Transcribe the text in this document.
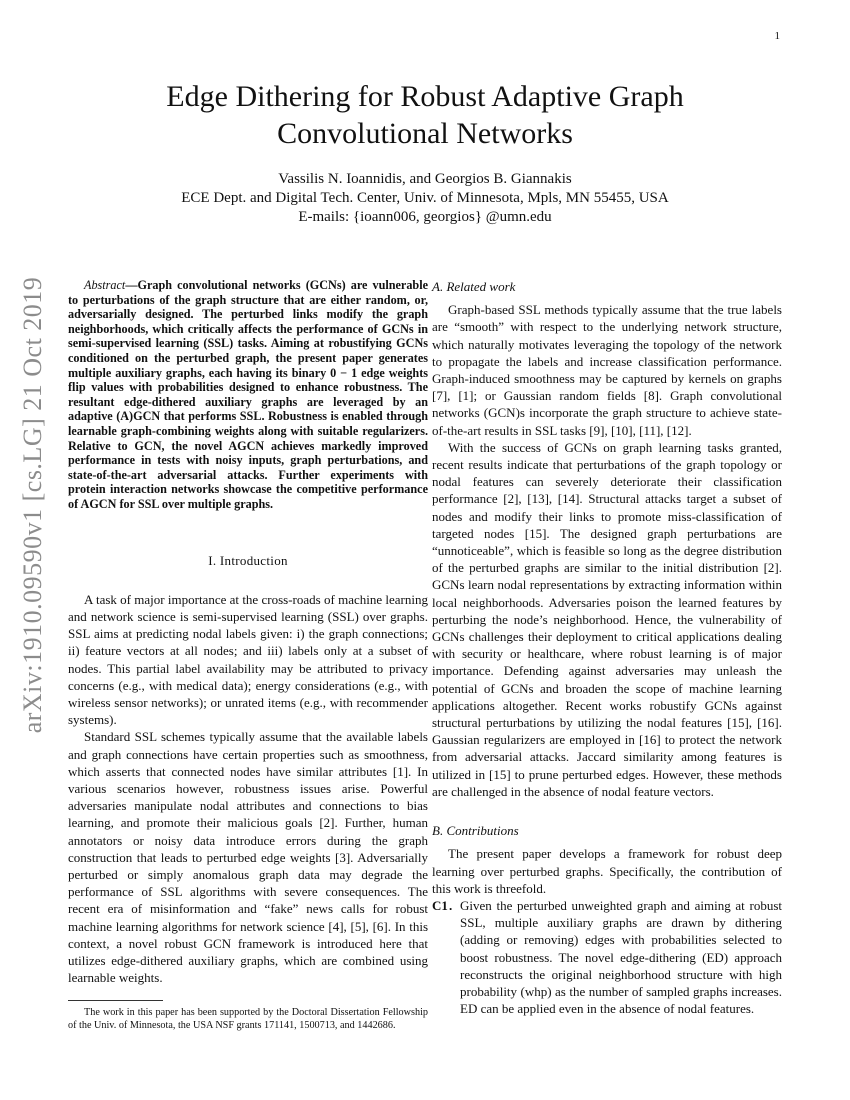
1
arXiv:1910.09590v1 [cs.LG] 21 Oct 2019
Edge Dithering for Robust Adaptive Graph
Convolutional Networks
Vassilis N. Ioannidis, and Georgios B. Giannakis
ECE Dept. and Digital Tech. Center, Univ. of Minnesota, Mpls, MN 55455, USA
E-mails: {ioann006, georgios} @umn.edu

Abstract—Graph convolutional networks (GCNs) are vulnerable to perturbations of the graph structure that are either random, or, adversarially designed. The perturbed links modify the graph neighborhoods, which critically affects the performance of GCNs in semi-supervised learning (SSL) tasks. Aiming at robustifying GCNs conditioned on the perturbed graph, the present paper generates multiple auxiliary graphs, each having its binary 0 − 1 edge weights flip values with probabilities designed to enhance robustness. The resultant edge-dithered auxiliary graphs are leveraged by an adaptive (A)GCN that performs SSL. Robustness is enabled through learnable graph-combining weights along with suitable regularizers. Relative to GCN, the novel AGCN achieves markedly improved performance in tests with noisy inputs, graph perturbations, and state-of-the-art adversarial attacks. Further experiments with protein interaction networks showcase the competitive performance of AGCN for SSL over multiple graphs.

I. Introduction

A task of major importance at the cross-roads of machine learning and network science is semi-supervised learning (SSL) over graphs. SSL aims at predicting nodal labels given: i) the graph connections; ii) feature vectors at all nodes; and iii) labels only at a subset of nodes. This partial label availability may be attributed to privacy concerns (e.g., with medical data); energy considerations (e.g., with wireless sensor networks); or unrated items (e.g., with recommender systems).

Standard SSL schemes typically assume that the available labels and graph connections have certain properties such as smoothness, which asserts that connected nodes have similar attributes [1]. In various scenarios however, robustness issues arise. Powerful adversaries manipulate nodal attributes and connections to bias learning, and promote their malicious goals [2]. Further, human annotators or noisy data introduce errors during the graph construction that leads to perturbed edge weights [3]. Adversarially perturbed or simply anomalous graph data may degrade the performance of SSL algorithms with severe consequences. The recent era of misinformation and “fake” news calls for robust machine learning algorithms for network science [4], [5], [6]. In this context, a novel robust GCN framework is introduced here that utilizes edge-dithered auxiliary graphs, which are combined using learnable weights.

The work in this paper has been supported by the Doctoral Dissertation Fellowship of the Univ. of Minnesota, the USA NSF grants 171141, 1500713, and 1442686.

A. Related work

Graph-based SSL methods typically assume that the true labels are “smooth” with respect to the underlying network structure, which naturally motivates leveraging the topology of the network to propagate the labels and increase classification performance. Graph-induced smoothness may be captured by kernels on graphs [7], [1]; or Gaussian random fields [8]. Graph convolutional networks (GCN)s incorporate the graph structure to achieve state-of-the-art results in SSL tasks [9], [10], [11], [12].

With the success of GCNs on graph learning tasks granted, recent results indicate that perturbations of the graph topology or nodal features can severely deteriorate their classification performance [2], [13], [14]. Structural attacks target a subset of nodes and modify their links to promote miss-classification of targeted nodes [15]. The designed graph perturbations are “unnoticeable”, which is feasible so long as the degree distribution of the perturbed graphs are similar to the initial distribution [2]. GCNs learn nodal representations by extracting information within local neighborhoods. Adversaries poison the learned features by perturbing the node’s neighborhood. Hence, the vulnerability of GCNs challenges their deployment to critical applications dealing with security or healthcare, where robust learning is of major importance. Defending against adversaries may unleash the potential of GCNs and broaden the scope of machine learning applications altogether. Recent works robustify GCNs against structural perturbations by utilizing the nodal features [15], [16]. Gaussian regularizers are employed in [16] to protect the network from adversarial attacks. Jaccard similarity among features is utilized in [15] to prune perturbed edges. However, these methods are challenged in the absence of nodal feature vectors.

B. Contributions

The present paper develops a framework for robust deep learning over perturbed graphs. Specifically, the contribution of this work is threefold.

C1 . Given the perturbed unweighted graph and aiming at robust SSL, multiple auxiliary graphs are drawn by dithering (adding or removing) edges with probabilities selected to boost robustness. The novel edge-dithering (ED) approach reconstructs the original neighborhood structure with high probability (whp) as the number of sampled graphs increases. ED can be applied even in the absence of nodal features.
